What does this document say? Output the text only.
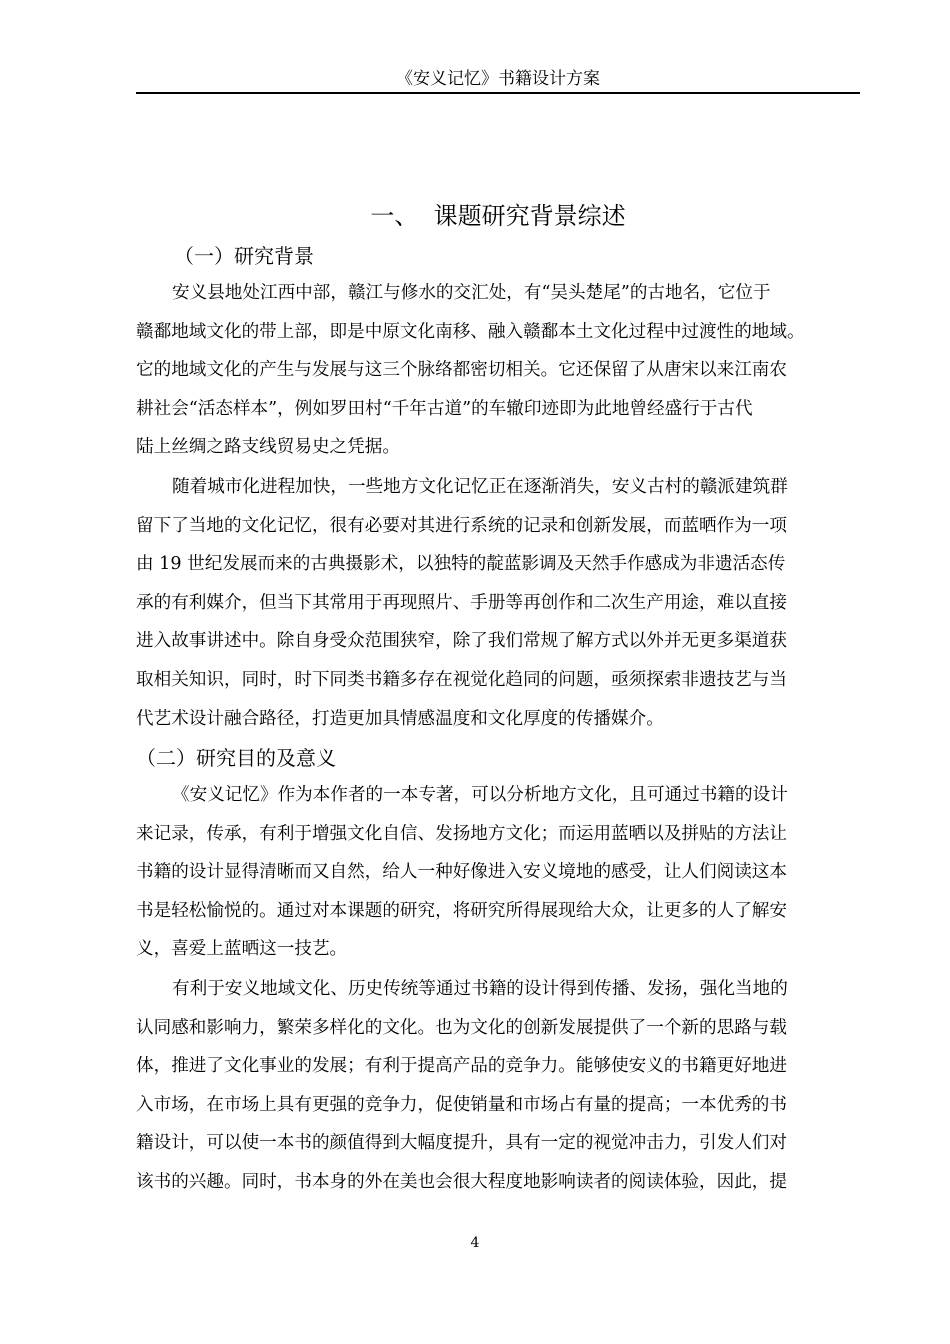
《安义记忆》书籍设计方案
一、  课题研究背景综述
（一）研究背景
安义县地处江西中部，赣江与修水的交汇处，有“吴头楚尾”的古地名，它位于
赣鄱地域文化的带上部，即是中原文化南移、融入赣鄱本土文化过程中过渡性的地域。
它的地域文化的产生与发展与这三个脉络都密切相关。它还保留了从唐宋以来江南农
耕社会“活态样本”，例如罗田村“千年古道”的车辙印迹即为此地曾经盛行于古代
陆上丝绸之路支线贸易史之凭据。
随着城市化进程加快，一些地方文化记忆正在逐渐消失，安义古村的赣派建筑群
留下了当地的文化记忆，很有必要对其进行系统的记录和创新发展，而蓝晒作为一项
由 19 世纪发展而来的古典摄影术，以独特的靛蓝影调及天然手作感成为非遗活态传
承的有利媒介，但当下其常用于再现照片、手册等再创作和二次生产用途，难以直接
进入故事讲述中。除自身受众范围狭窄，除了我们常规了解方式以外并无更多渠道获
取相关知识，同时，时下同类书籍多存在视觉化趋同的问题，亟须探索非遗技艺与当
代艺术设计融合路径，打造更加具情感温度和文化厚度的传播媒介。
（二）研究目的及意义
《安义记忆》作为本作者的一本专著，可以分析地方文化，且可通过书籍的设计
来记录，传承，有利于增强文化自信、发扬地方文化；而运用蓝晒以及拼贴的方法让
书籍的设计显得清晰而又自然，给人一种好像进入安义境地的感受，让人们阅读这本
书是轻松愉悦的。通过对本课题的研究，将研究所得展现给大众，让更多的人了解安
义，喜爱上蓝晒这一技艺。
有利于安义地域文化、历史传统等通过书籍的设计得到传播、发扬，强化当地的
认同感和影响力，繁荣多样化的文化。也为文化的创新发展提供了一个新的思路与载
体，推进了文化事业的发展；有利于提高产品的竞争力。能够使安义的书籍更好地进
入市场，在市场上具有更强的竞争力，促使销量和市场占有量的提高；一本优秀的书
籍设计，可以使一本书的颜值得到大幅度提升，具有一定的视觉冲击力，引发人们对
该书的兴趣。同时，书本身的外在美也会很大程度地影响读者的阅读体验，因此，提
4
